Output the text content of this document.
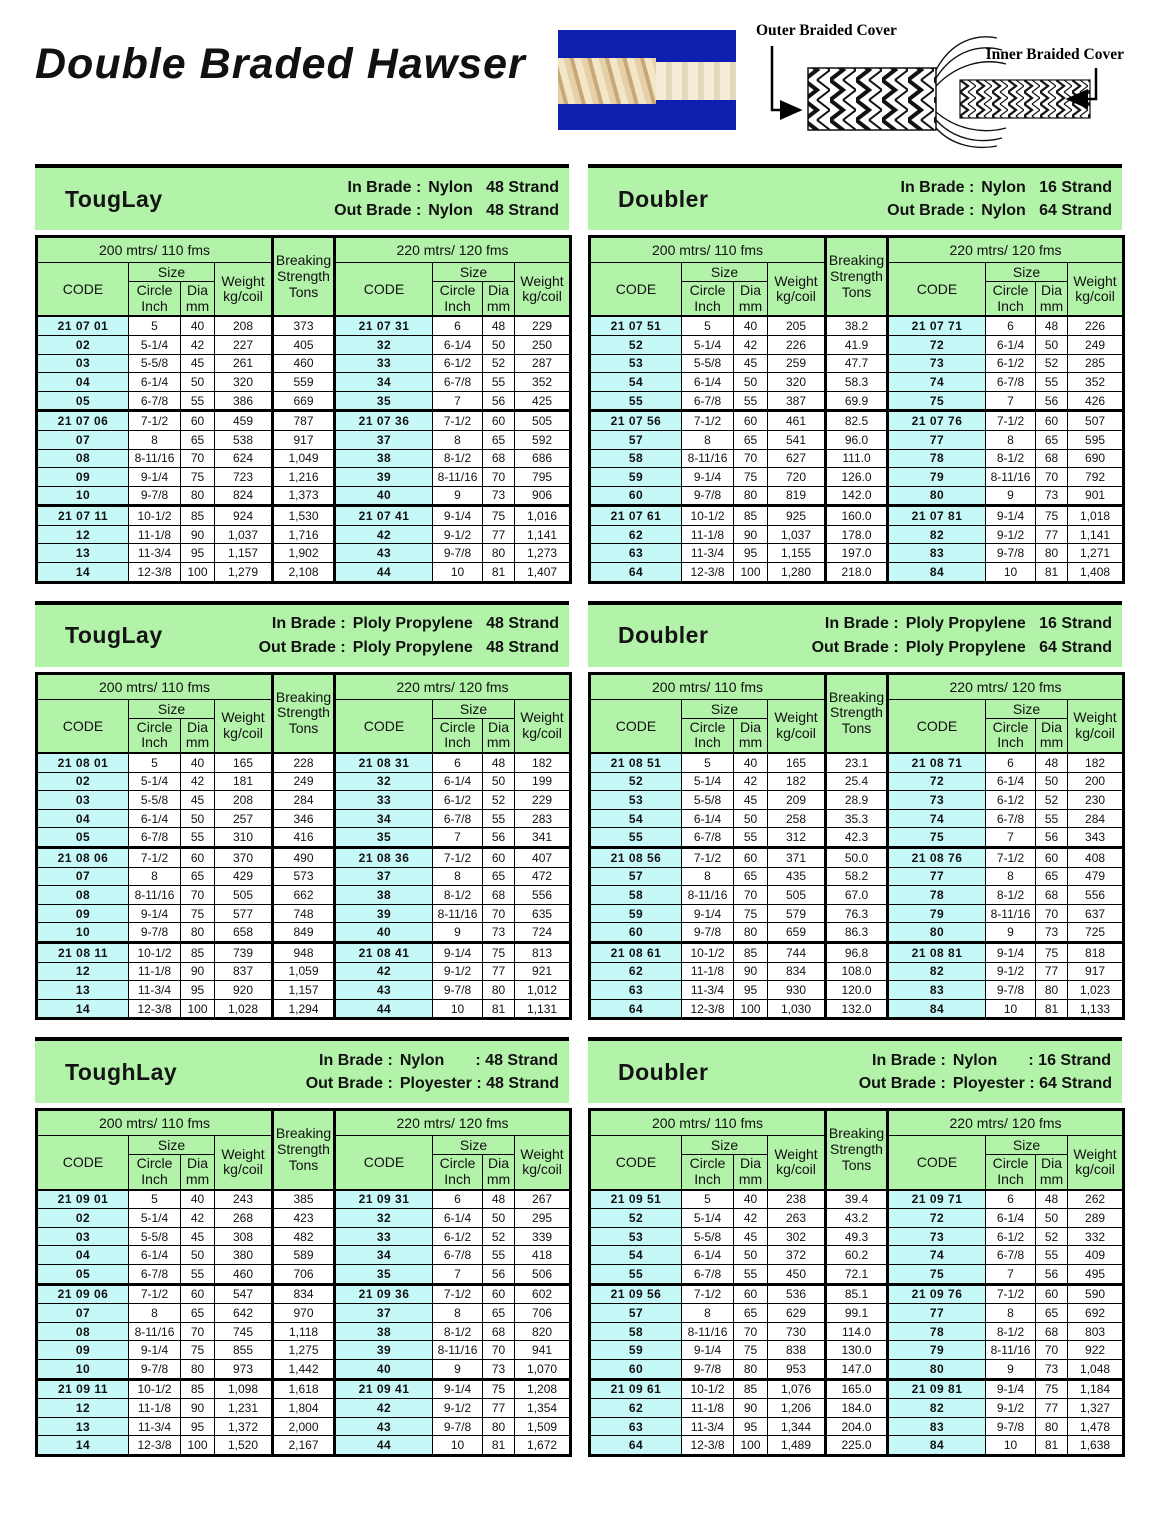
Double Braded Hawser
Outer Braided Cover
Inner Braided Cover
TougLay	In Brade : Nylon   48 Strand
Out Brade : Nylon   48 Strand
200 mtrs/ 110 fms				Breaking
Strength
Tons	220 mtrs/ 120 fms			
CODE	Size		Weight
kg/coil		CODE	Size		Weight
kg/coil

	Circle
Inch	Dia
mm				Circle
Inch	Dia
mm	

21 07 01	5	40	208	373	21 07 31	6	48	229
02	5-1/4	42	227	405	32	6-1/4	50	250
03	5-5/8	45	261	460	33	6-1/2	52	287
04	6-1/4	50	320	559	34	6-7/8	55	352
05	6-7/8	55	386	669	35	7	56	425
21 07 06	7-1/2	60	459	787	21 07 36	7-1/2	60	505
07	8	65	538	917	37	8	65	592
08	8-11/16	70	624	1,049	38	8-1/2	68	686
09	9-1/4	75	723	1,216	39	8-11/16	70	795
10	9-7/8	80	824	1,373	40	9	73	906
21 07 11	10-1/2	85	924	1,530	21 07 41	9-1/4	75	1,016
12	11-1/8	90	1,037	1,716	42	9-1/2	77	1,141
13	11-3/4	95	1,157	1,902	43	9-7/8	80	1,273
14	12-3/8	100	1,279	2,108	44	10	81	1,407
Doubler	In Brade : Nylon   16 Strand
Out Brade : Nylon   64 Strand
200 mtrs/ 110 fms				Breaking
Strength
Tons	220 mtrs/ 120 fms			
CODE	Size		Weight
kg/coil		CODE	Size		Weight
kg/coil

	Circle
Inch	Dia
mm				Circle
Inch	Dia
mm	

21 07 51	5	40	205	38.2	21 07 71	6	48	226
52	5-1/4	42	226	41.9	72	6-1/4	50	249
53	5-5/8	45	259	47.7	73	6-1/2	52	285
54	6-1/4	50	320	58.3	74	6-7/8	55	352
55	6-7/8	55	387	69.9	75	7	56	426
21 07 56	7-1/2	60	461	82.5	21 07 76	7-1/2	60	507
57	8	65	541	96.0	77	8	65	595
58	8-11/16	70	627	111.0	78	8-1/2	68	690
59	9-1/4	75	720	126.0	79	8-11/16	70	792
60	9-7/8	80	819	142.0	80	9	73	901
21 07 61	10-1/2	85	925	160.0	21 07 81	9-1/4	75	1,018
62	11-1/8	90	1,037	178.0	82	9-1/2	77	1,141
63	11-3/4	95	1,155	197.0	83	9-7/8	80	1,271
64	12-3/8	100	1,280	218.0	84	10	81	1,408
TougLay	In Brade : Ploly Propylene   48 Strand
Out Brade : Ploly Propylene   48 Strand
200 mtrs/ 110 fms				Breaking
Strength
Tons	220 mtrs/ 120 fms			
CODE	Size		Weight
kg/coil		CODE	Size		Weight
kg/coil

	Circle
Inch	Dia
mm				Circle
Inch	Dia
mm	

21 08 01	5	40	165	228	21 08 31	6	48	182
02	5-1/4	42	181	249	32	6-1/4	50	199
03	5-5/8	45	208	284	33	6-1/2	52	229
04	6-1/4	50	257	346	34	6-7/8	55	283
05	6-7/8	55	310	416	35	7	56	341
21 08 06	7-1/2	60	370	490	21 08 36	7-1/2	60	407
07	8	65	429	573	37	8	65	472
08	8-11/16	70	505	662	38	8-1/2	68	556
09	9-1/4	75	577	748	39	8-11/16	70	635
10	9-7/8	80	658	849	40	9	73	724
21 08 11	10-1/2	85	739	948	21 08 41	9-1/4	75	813
12	11-1/8	90	837	1,059	42	9-1/2	77	921
13	11-3/4	95	920	1,157	43	9-7/8	80	1,012
14	12-3/8	100	1,028	1,294	44	10	81	1,131
Doubler	In Brade : Ploly Propylene   16 Strand
Out Brade : Ploly Propylene   64 Strand
200 mtrs/ 110 fms				Breaking
Strength
Tons	220 mtrs/ 120 fms			
CODE	Size		Weight
kg/coil		CODE	Size		Weight
kg/coil

	Circle
Inch	Dia
mm				Circle
Inch	Dia
mm	

21 08 51	5	40	165	23.1	21 08 71	6	48	182
52	5-1/4	42	182	25.4	72	6-1/4	50	200
53	5-5/8	45	209	28.9	73	6-1/2	52	230
54	6-1/4	50	258	35.3	74	6-7/8	55	284
55	6-7/8	55	312	42.3	75	7	56	343
21 08 56	7-1/2	60	371	50.0	21 08 76	7-1/2	60	408
57	8	65	435	58.2	77	8	65	479
58	8-11/16	70	505	67.0	78	8-1/2	68	556
59	9-1/4	75	579	76.3	79	8-11/16	70	637
60	9-7/8	80	659	86.3	80	9	73	725
21 08 61	10-1/2	85	744	96.8	21 08 81	9-1/4	75	818
62	11-1/8	90	834	108.0	82	9-1/2	77	917
63	11-3/4	95	930	120.0	83	9-7/8	80	1,023
64	12-3/8	100	1,030	132.0	84	10	81	1,133
ToughLay	In Brade : Nylon       : 48 Strand
Out Brade : Ployester : 48 Strand
200 mtrs/ 110 fms				Breaking
Strength
Tons	220 mtrs/ 120 fms			
CODE	Size		Weight
kg/coil		CODE	Size		Weight
kg/coil

	Circle
Inch	Dia
mm				Circle
Inch	Dia
mm	

21 09 01	5	40	243	385	21 09 31	6	48	267
02	5-1/4	42	268	423	32	6-1/4	50	295
03	5-5/8	45	308	482	33	6-1/2	52	339
04	6-1/4	50	380	589	34	6-7/8	55	418
05	6-7/8	55	460	706	35	7	56	506
21 09 06	7-1/2	60	547	834	21 09 36	7-1/2	60	602
07	8	65	642	970	37	8	65	706
08	8-11/16	70	745	1,118	38	8-1/2	68	820
09	9-1/4	75	855	1,275	39	8-11/16	70	941
10	9-7/8	80	973	1,442	40	9	73	1,070
21 09 11	10-1/2	85	1,098	1,618	21 09 41	9-1/4	75	1,208
12	11-1/8	90	1,231	1,804	42	9-1/2	77	1,354
13	11-3/4	95	1,372	2,000	43	9-7/8	80	1,509
14	12-3/8	100	1,520	2,167	44	10	81	1,672
Doubler	In Brade : Nylon       : 16 Strand
Out Brade : Ployester : 64 Strand
200 mtrs/ 110 fms				Breaking
Strength
Tons	220 mtrs/ 120 fms			
CODE	Size		Weight
kg/coil		CODE	Size		Weight
kg/coil

	Circle
Inch	Dia
mm				Circle
Inch	Dia
mm	

21 09 51	5	40	238	39.4	21 09 71	6	48	262
52	5-1/4	42	263	43.2	72	6-1/4	50	289
53	5-5/8	45	302	49.3	73	6-1/2	52	332
54	6-1/4	50	372	60.2	74	6-7/8	55	409
55	6-7/8	55	450	72.1	75	7	56	495
21 09 56	7-1/2	60	536	85.1	21 09 76	7-1/2	60	590
57	8	65	629	99.1	77	8	65	692
58	8-11/16	70	730	114.0	78	8-1/2	68	803
59	9-1/4	75	838	130.0	79	8-11/16	70	922
60	9-7/8	80	953	147.0	80	9	73	1,048
21 09 61	10-1/2	85	1,076	165.0	21 09 81	9-1/4	75	1,184
62	11-1/8	90	1,206	184.0	82	9-1/2	77	1,327
63	11-3/4	95	1,344	204.0	83	9-7/8	80	1,478
64	12-3/8	100	1,489	225.0	84	10	81	1,638
